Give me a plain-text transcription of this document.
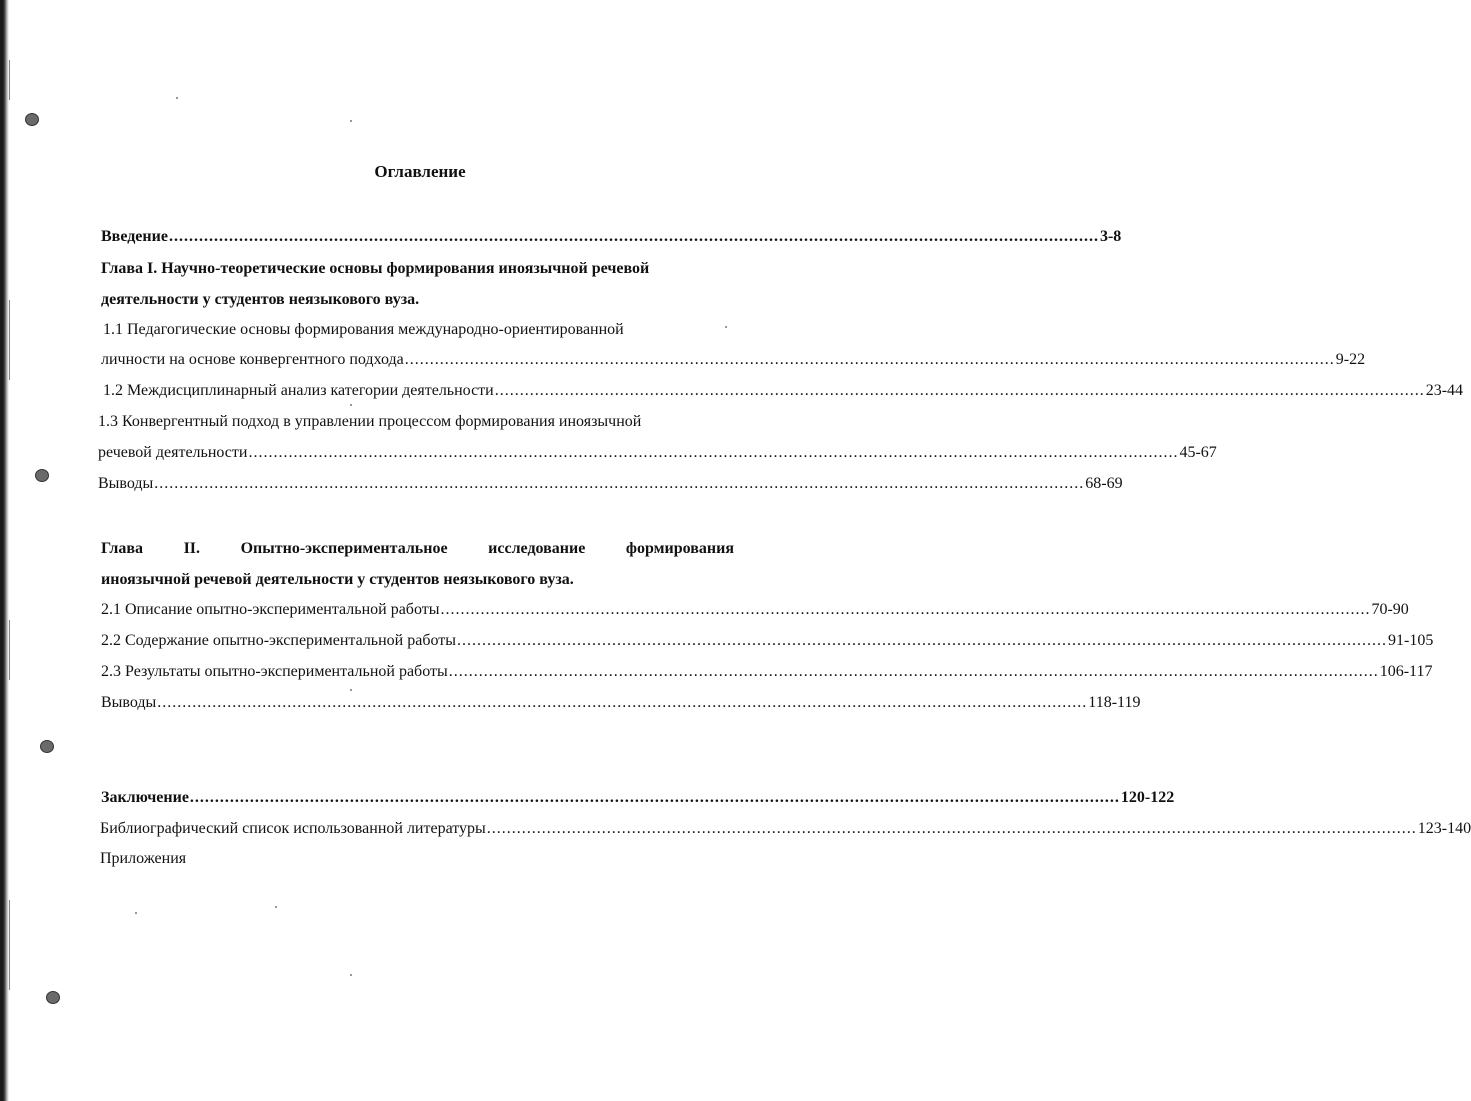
Оглавление
Введение .......................................................................................................................................................................................... 3-8
Глава I. Научно-теоретические основы формирования иноязычной речевой
деятельности у студентов неязыкового вуза.
1.1 Педагогические основы формирования международно-ориентированной
личности на основе конвергентного подхода .......................................................................................................................................................................................... 9-22
1.2 Междисциплинарный анализ категории деятельности .......................................................................................................................................................................................... 23-44
1.3 Конвергентный подход в управлении процессом формирования иноязычной
речевой деятельности .......................................................................................................................................................................................... 45-67
Выводы .......................................................................................................................................................................................... 68-69
Глава	II.	Опытно-экспериментальное	исследование	формирования
иноязычной речевой деятельности у студентов неязыкового вуза.
2.1 Описание опытно-экспериментальной работы .......................................................................................................................................................................................... 70-90
2.2 Содержание опытно-экспериментальной работы .......................................................................................................................................................................................... 91-105
2.3 Результаты опытно-экспериментальной работы .......................................................................................................................................................................................... 106-117
Выводы .......................................................................................................................................................................................... 118-119
Заключение .......................................................................................................................................................................................... 120-122
Библиографический список использованной литературы .......................................................................................................................................................................................... 123-140
Приложения
